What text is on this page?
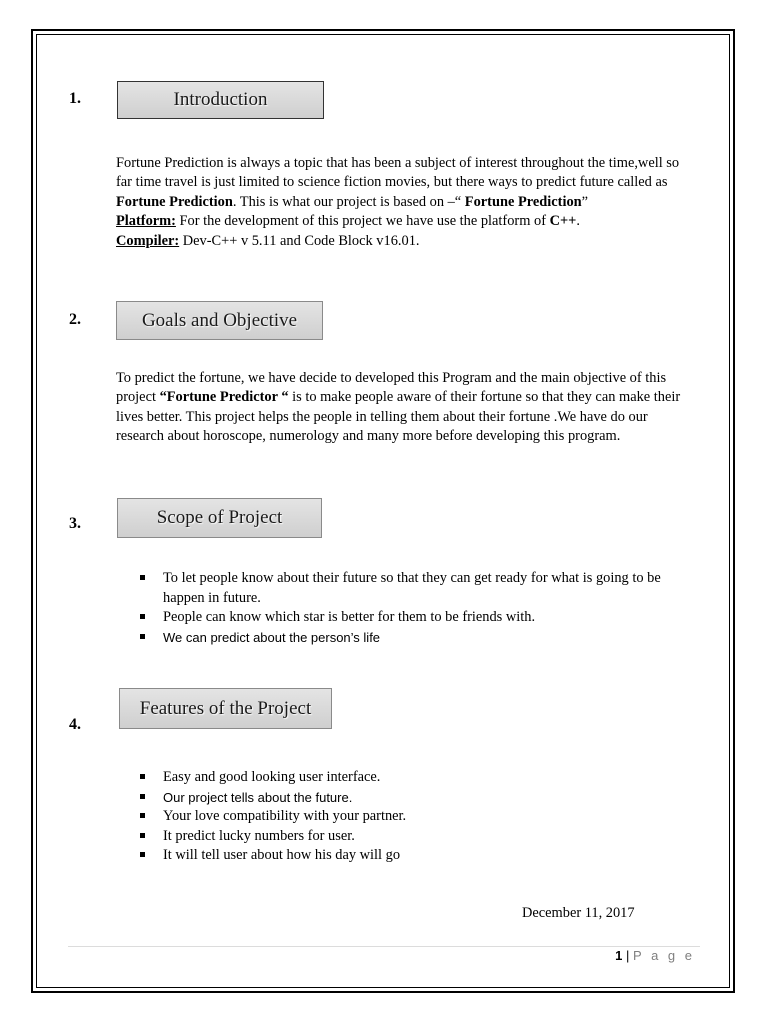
1.	Introduction

Fortune Prediction is always a topic that has been a subject of interest throughout the time,well so far time travel is just limited to science fiction movies, but there ways to predict future called as Fortune Prediction. This is what our project is based on –“ Fortune Prediction”
Platform: For the development of this project we have use the platform of C++.
Compiler: Dev-C++ v 5.11 and Code Block v16.01.

2.	Goals and Objective

To predict the fortune, we have decide to developed this Program and the main objective of this project “Fortune Predictor “ is to make people aware of their fortune so that they can make their lives better. This project helps the people in telling them about their fortune .We have do our research about horoscope, numerology and many more before developing this program.

3.	Scope of Project
To let people know about their future so that they can get ready for what is going to be happen in future.
People can know which star is better for them to be friends with.
We can predict about the person’s life
4.
Features of the Project
Easy and good looking user interface.
Our project tells about the future.
Your love compatibility with your partner.
It predict lucky numbers for user.
It will tell user about how his day will go
December 11, 2017
1 | P a g e
